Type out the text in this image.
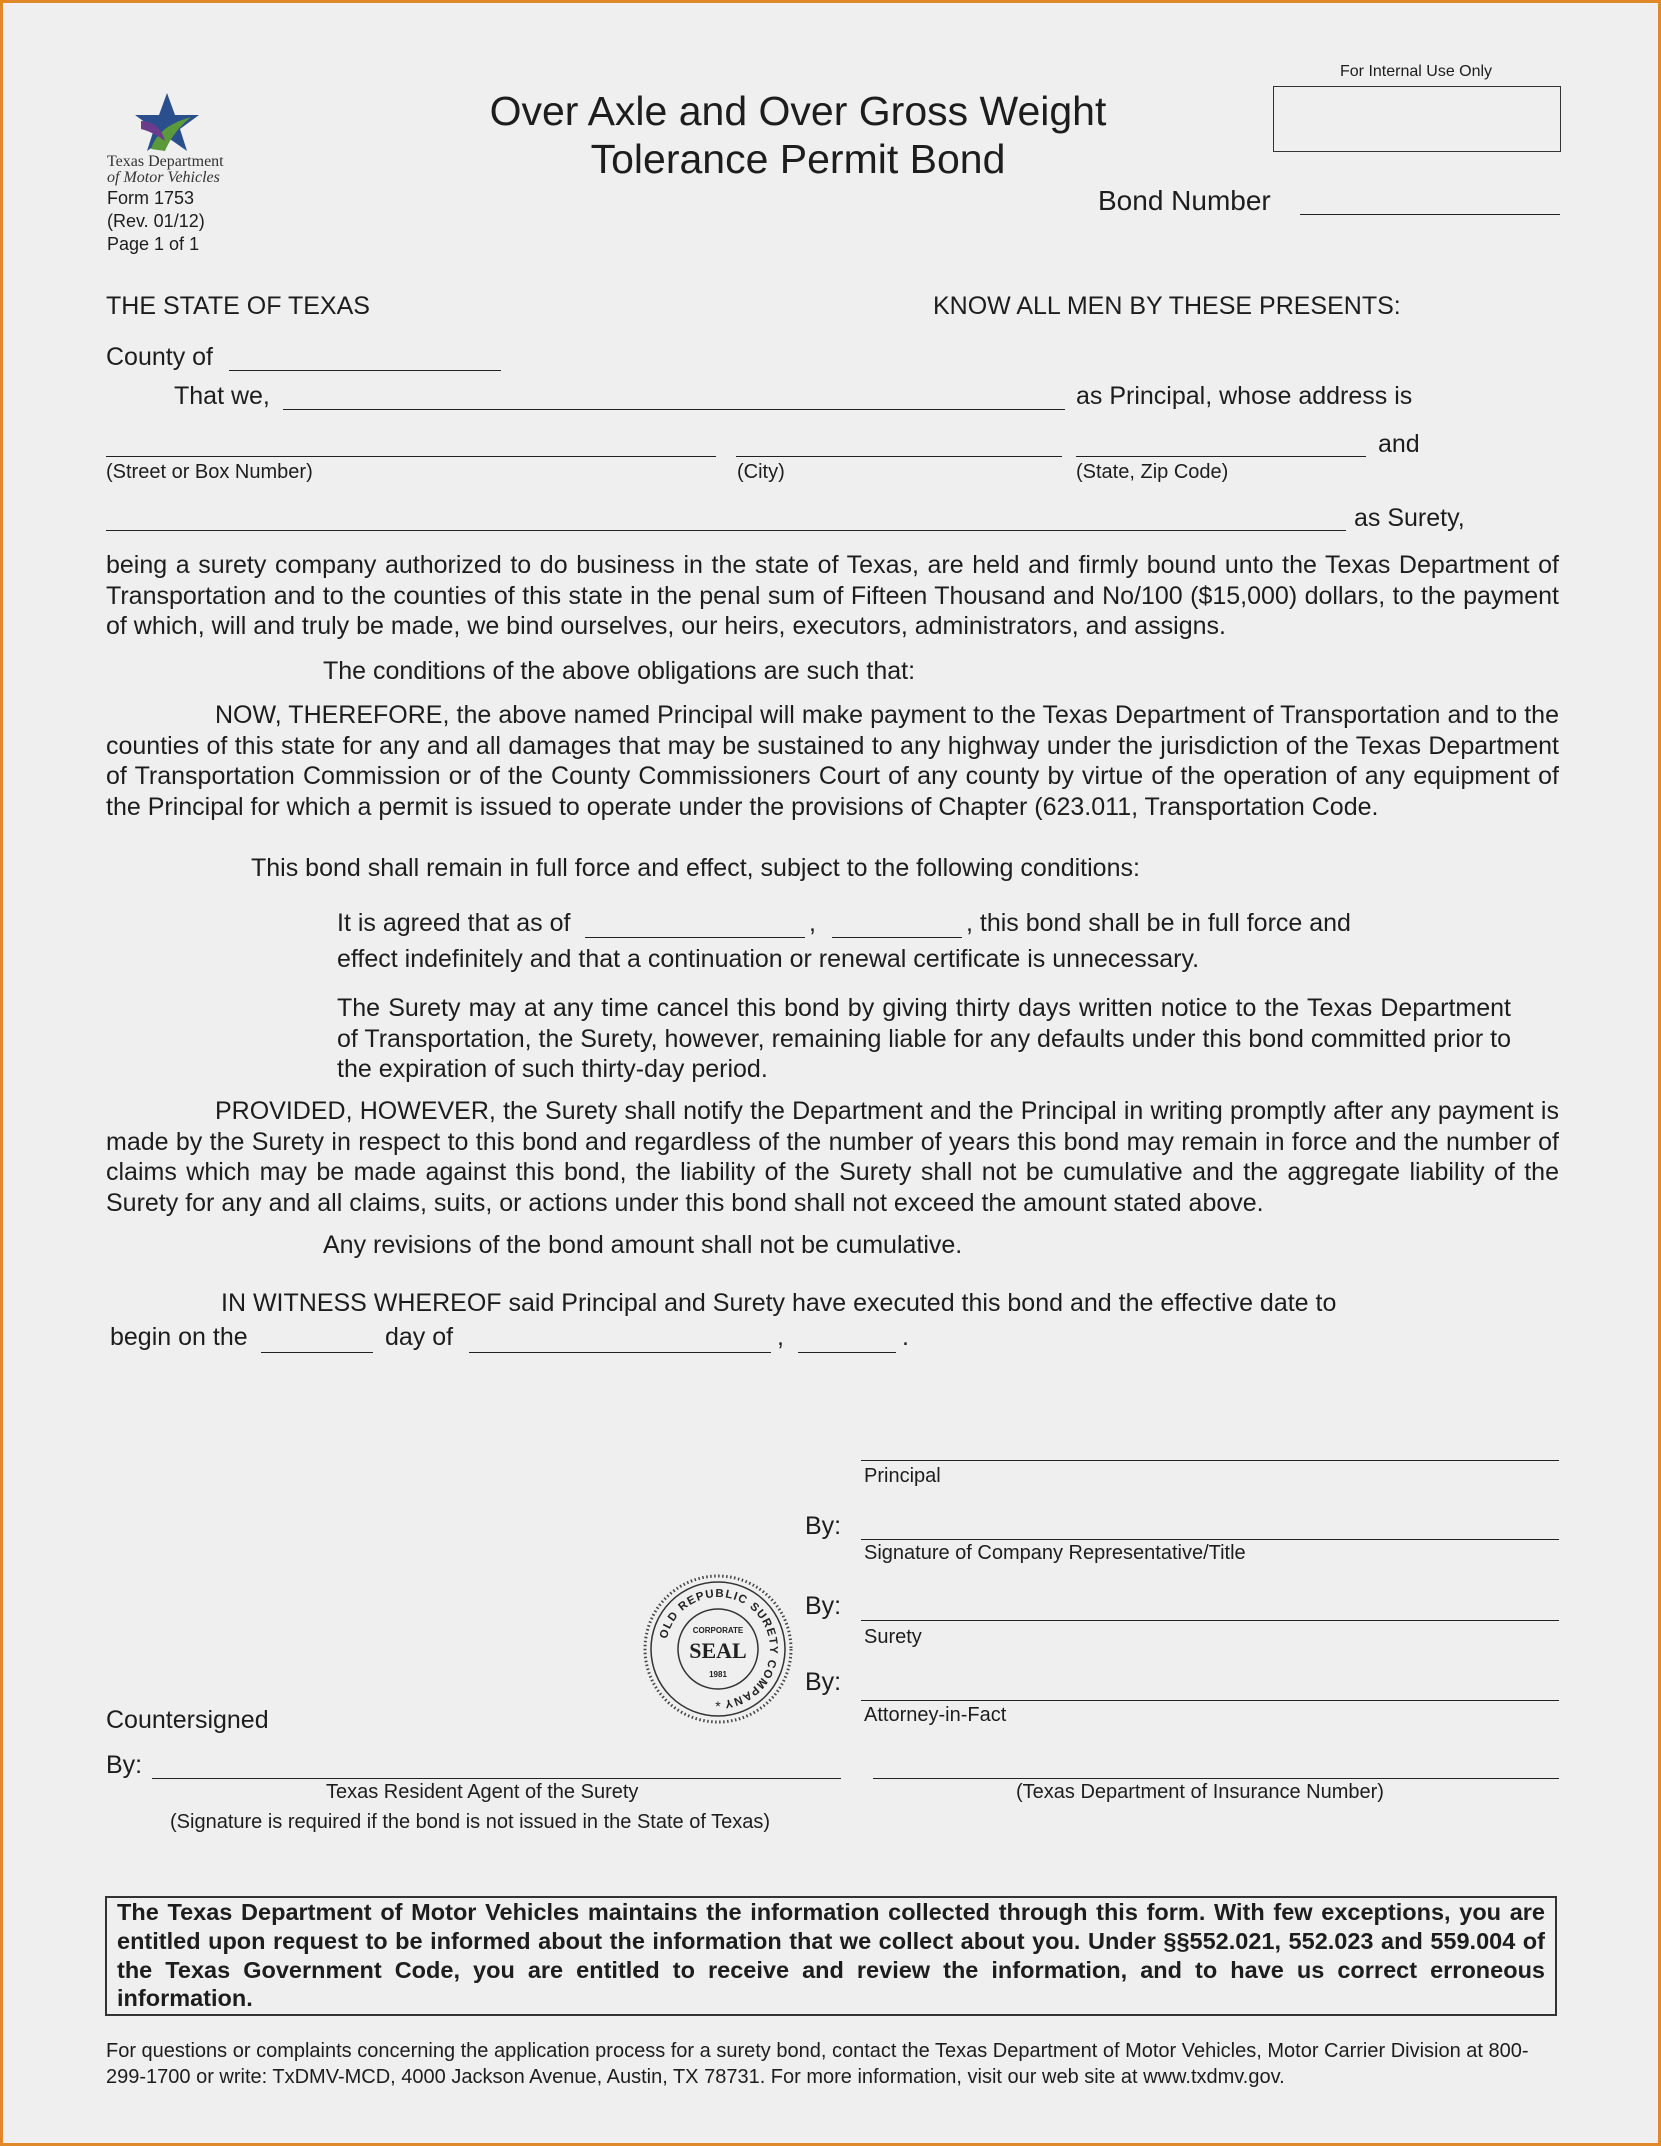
Texas Department
of Motor Vehicles
Form 1753
(Rev. 01/12)
Page 1 of 1
Over Axle and Over Gross Weight
Tolerance Permit Bond
For Internal Use Only
Bond Number
THE STATE OF TEXAS	KNOW ALL MEN BY THESE PRESENTS:
County of
That we,	as Principal, whose address is
and
(Street or Box Number)	(City)	(State, Zip Code)
as Surety,
being a surety company authorized to do business in the state of Texas, are held and firmly bound unto the Texas Department of Transportation and to the counties of this state in the penal sum of Fifteen Thousand and No/100 ($15,000) dollars, to the payment of which, will and truly be made, we bind ourselves, our heirs, executors, administrators, and assigns.
The conditions of the above obligations are such that:
NOW, THEREFORE, the above named Principal will make payment to the Texas Department of Transportation and to the counties of this state for any and all damages that may be sustained to any highway under the jurisdiction of the Texas Department of Transportation Commission or of the County Commissioners Court of any county by virtue of the operation of any equipment of the Principal for which a permit is issued to operate under the provisions of Chapter (623.011, Transportation Code.
This bond shall remain in full force and effect, subject to the following conditions:
It is agreed that as of	,	, this bond shall be in full force and
effect indefinitely and that a continuation or renewal certificate is unnecessary.
The Surety may at any time cancel this bond by giving thirty days written notice to the Texas Department of Transportation, the Surety, however, remaining liable for any defaults under this bond committed prior to the expiration of such thirty-day period.
PROVIDED, HOWEVER, the Surety shall notify the Department and the Principal in writing promptly after any payment is made by the Surety in respect to this bond and regardless of the number of years this bond may remain in force and the number of claims which may be made against this bond, the liability of the Surety shall not be cumulative and the aggregate liability of the Surety for any and all claims, suits, or actions under this bond shall not exceed the amount stated above.
Any revisions of the bond amount shall not be cumulative.
IN WITNESS WHEREOF said Principal and Surety have executed this bond and the effective date to
begin on the	day of	,	.
Principal
By:
Signature of Company Representative/Title
By:
Surety
By:
Attorney-in-Fact
OLD REPUBLIC SURETY COMPANY
CORPORATE
SEAL
1981
*
Countersigned
By:
Texas Resident Agent of the Surety
(Signature is required if the bond is not issued in the State of Texas)
(Texas Department of Insurance Number)
The Texas Department of Motor Vehicles maintains the information collected through this form. With few exceptions, you are entitled upon request to be informed about the information that we collect about you. Under §§552.021, 552.023 and 559.004 of the Texas Government Code, you are entitled to receive and review the information, and to have us correct erroneous information.
For questions or complaints concerning the application process for a surety bond, contact the Texas Department of Motor Vehicles, Motor Carrier Division at 800-299-1700 or write: TxDMV-MCD, 4000 Jackson Avenue, Austin, TX 78731. For more information, visit our web site at www.txdmv.gov.
